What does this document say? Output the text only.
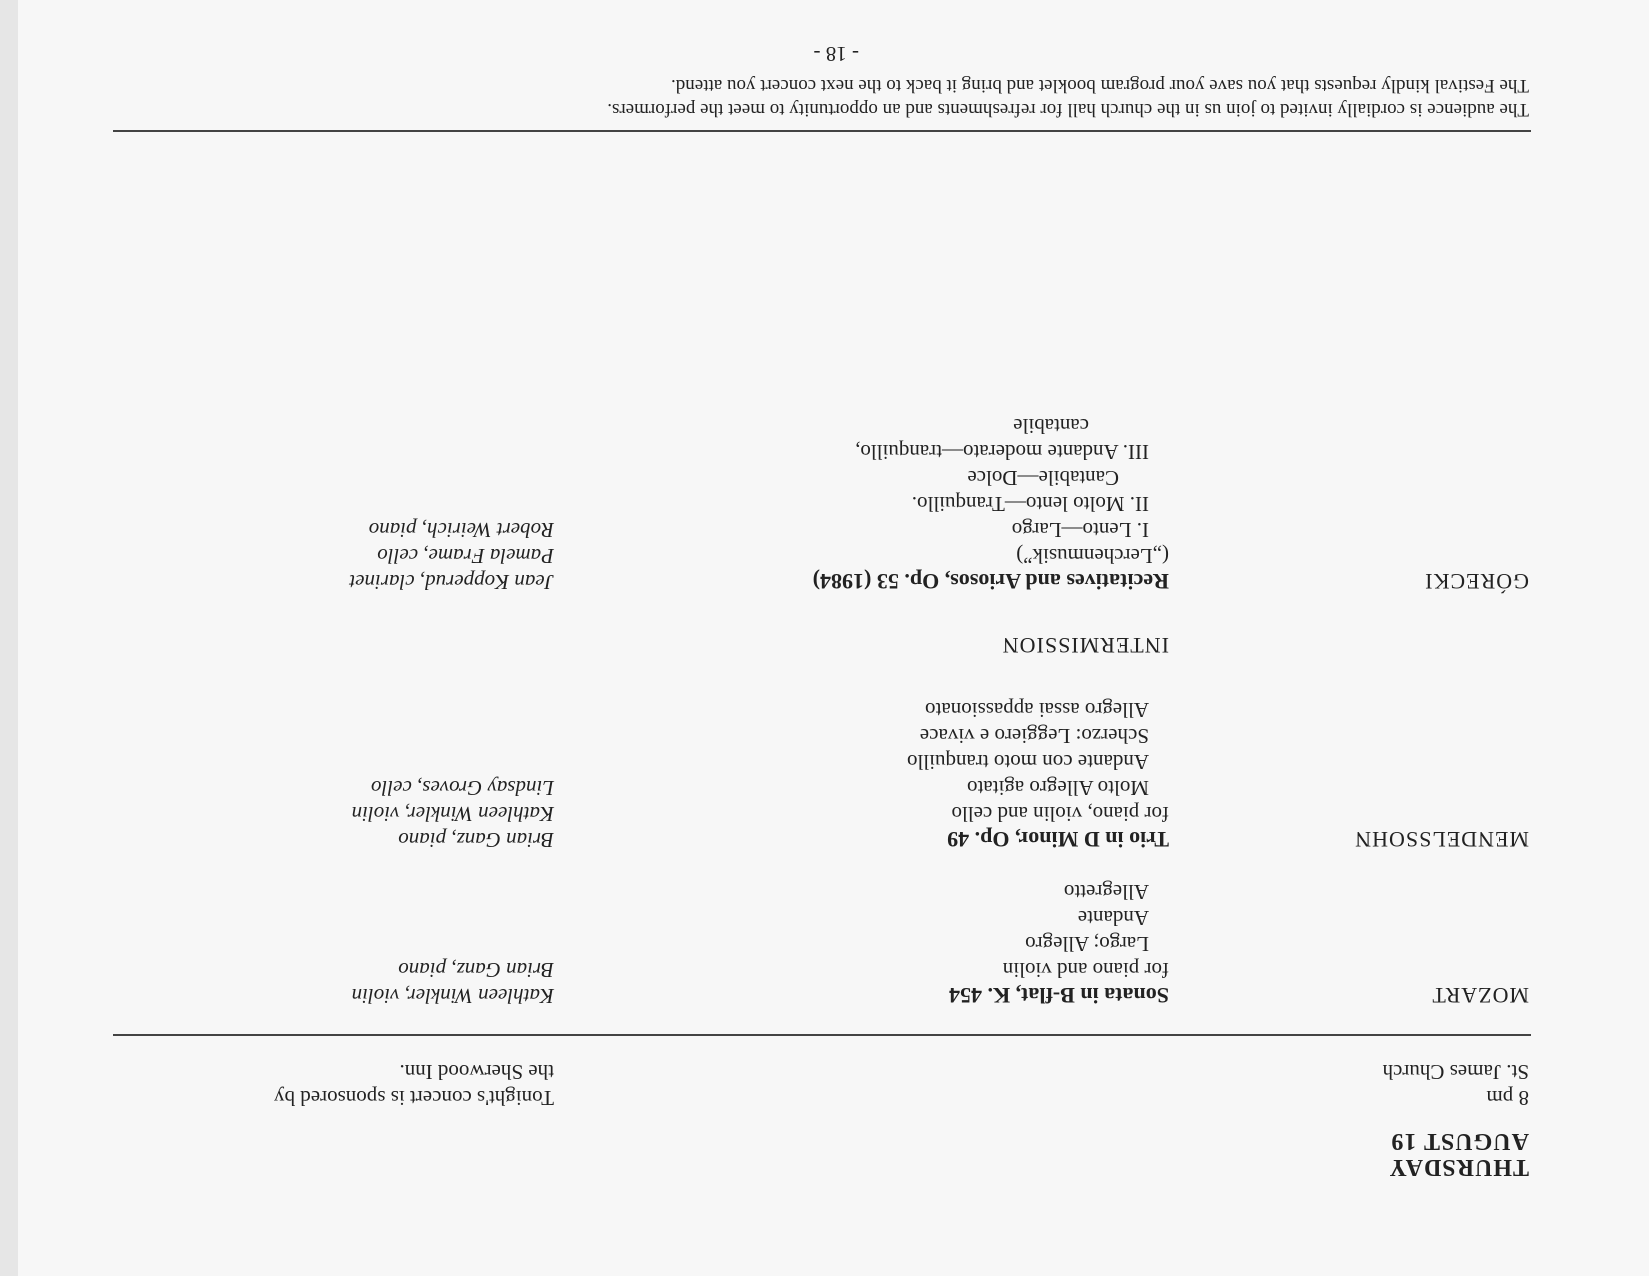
THURSDAY
AUGUST 19
8 pm
St. James Church
Tonight's concert is sponsored by
the Sherwood Inn.
MOZART
Sonata in B-flat, K. 454
for piano and violin
Largo; Allegro
Andante
Allegretto
Kathleen Winkler, violin
Brian Ganz, piano
MENDELSSOHN
Trio in D Minor, Op. 49
for piano, violin and cello
Molto Allegro agitato
Andante con moto tranquillo
Scherzo: Leggiero e vivace
Allegro assai appassionato
Brian Ganz, piano
Kathleen Winkler, violin
Lindsay Groves, cello
INTERMISSION
GÓRECKI
Recitatives and Ariosos, Op. 53 (1984)
(„Lerchenmusik”)
I. Lento—Largo
II. Molto lento—Tranquillo.
Cantabile—Dolce
III. Andante moderato—tranquillo,
cantabile
Jean Kopperud, clarinet
Pamela Frame, cello
Robert Weirich, piano
The audience is cordially invited to join us in the church hall for refreshments and an opportunity to meet the performers.
The Festival kindly requests that you save your program booklet and bring it back to the next concert you attend.
- 18 -
